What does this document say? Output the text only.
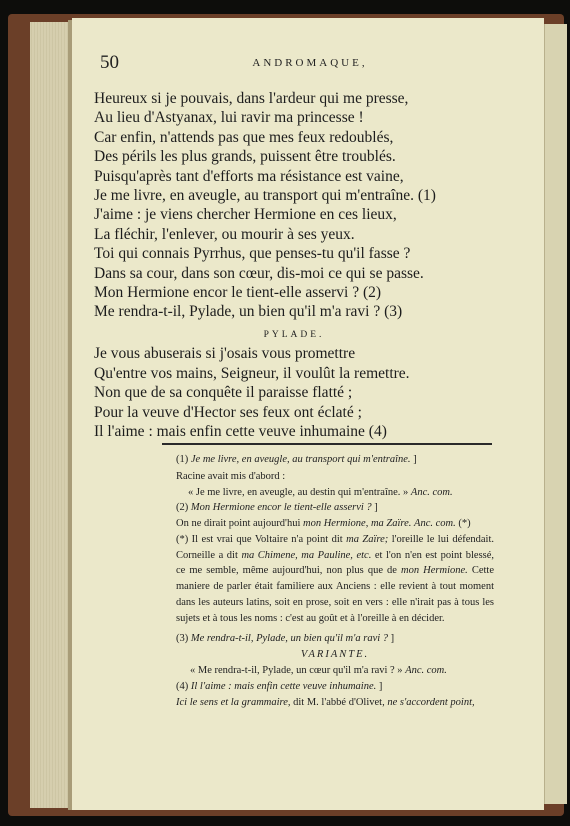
50	ANDROMAQUE,
Heureux si je pouvais, dans l'ardeur qui me presse,
Au lieu d'Astyanax, lui ravir ma princesse !
Car enfin, n'attends pas que mes feux redoublés,
Des périls les plus grands, puissent être troublés.
Puisqu'après tant d'efforts ma résistance est vaine,
Je me livre, en aveugle, au transport qui m'entraîne. (1)
J'aime : je viens chercher Hermione en ces lieux,
La fléchir, l'enlever, ou mourir à ses yeux.
Toi qui connais Pyrrhus, que penses-tu qu'il fasse ?
Dans sa cour, dans son cœur, dis-moi ce qui se passe.
Mon Hermione encor le tient-elle asservi ? (2)
Me rendra-t-il, Pylade, un bien qu'il m'a ravi ? (3)
PYLADE.
Je vous abuserais si j'osais vous promettre
Qu'entre vos mains, Seigneur, il voulût la remettre.
Non que de sa conquête il paraisse flatté ;
Pour la veuve d'Hector ses feux ont éclaté ;
Il l'aime : mais enfin cette veuve inhumaine (4)
(1) Je me livre, en aveugle, au transport qui m'entraîne. ]
Racine avait mis d'abord :
« Je me livre, en aveugle, au destin qui m'entraîne. » Anc. com.
(2) Mon Hermione encor le tient-elle asservi ? ]
On ne dirait point aujourd'hui mon Hermione, ma Zaïre. Anc. com. (*)
(*) Il est vrai que Voltaire n'a point dit ma Zaïre; l'oreille le lui défendait. Corneille a dit ma Chimene, ma Pauline, etc. et l'on n'en est point blessé, ce me semble, même aujourd'hui, non plus que de mon Hermione. Cette maniere de parler était familiere aux Anciens : elle revient à tout moment dans les auteurs latins, soit en prose, soit en vers : elle n'irait pas à tous les sujets et à tous les noms : c'est au goût et à l'oreille à en décider.
(3) Me rendra-t-il, Pylade, un bien qu'il m'a ravi ? ]
VARIANTE.
« Me rendra-t-il, Pylade, un cœur qu'il m'a ravi ? » Anc. com.
(4) Il l'aime : mais enfin cette veuve inhumaine. ]
Ici le sens et la grammaire, dit M. l'abbé d'Olivet, ne s'accordent point,
